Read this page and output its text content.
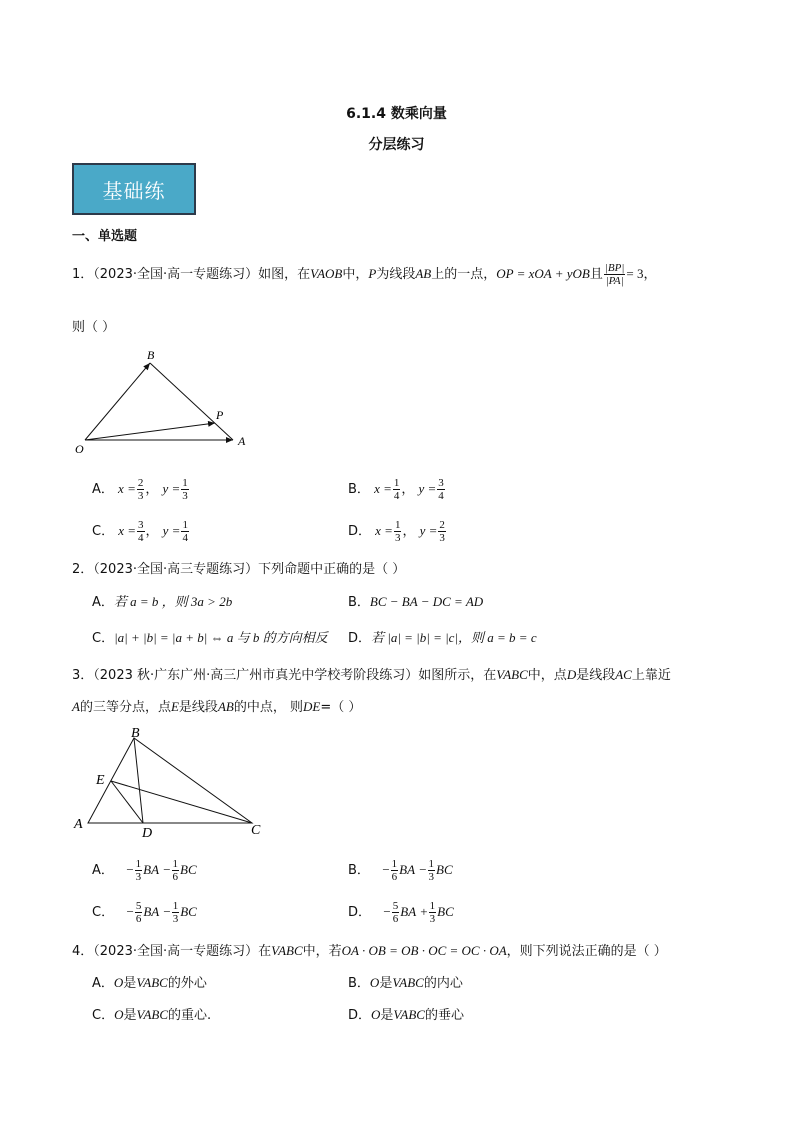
6.1.4 数乘向量
分层练习
基础练
一、单选题
1．（2023·全国·高一专题练习）如图，在VAOB中，P为线段AB上的一点，OP = xOA + yOB且 $\frac{|BP|}{|PA|} = 3$，
则（ ）
B
P
O
A
A． $x = \frac{2}{3}$ ， $y = \frac{1}{3}$	B． $x = \frac{1}{4}$ ， $y = \frac{3}{4}$
C． $x = \frac{3}{4}$ ， $y = \frac{1}{4}$	D． $x = \frac{1}{3}$ ， $y = \frac{2}{3}$
2．（2023·全国·高三专题练习）下列命题中正确的是（ ）
A．若 a = b ，则 3a > 2b	B．BC − BA − DC = AD
C．|a| + |b| = |a + b| ⇔ a 与 b 的方向相反 D．若 |a| = |b| = |c|，则 a = b = c
3．（2023 秋·广东广州·高三广州市真光中学校考阶段练习）如图所示，在VABC中，点D是线段AC上靠近
A的三等分点，点E是线段AB的中点， 则DE=（ ）
B
E
A
D	C
A． − $\frac{1}{3}$ BA − $\frac{1}{6}$ BC	B． − $\frac{1}{6}$ BA − $\frac{1}{3}$ BC
C． − $\frac{5}{6}$ BA − $\frac{1}{3}$ BC	D． − $\frac{5}{6}$ BA + $\frac{1}{3}$ BC
4．（2023·全国·高一专题练习）在VABC中，若OA · OB = OB · OC = OC · OA，则下列说法正确的是（ ）
A．O是VABC的外心	B．O是VABC的内心
C．O是VABC的重心.	D．O是VABC的垂心
